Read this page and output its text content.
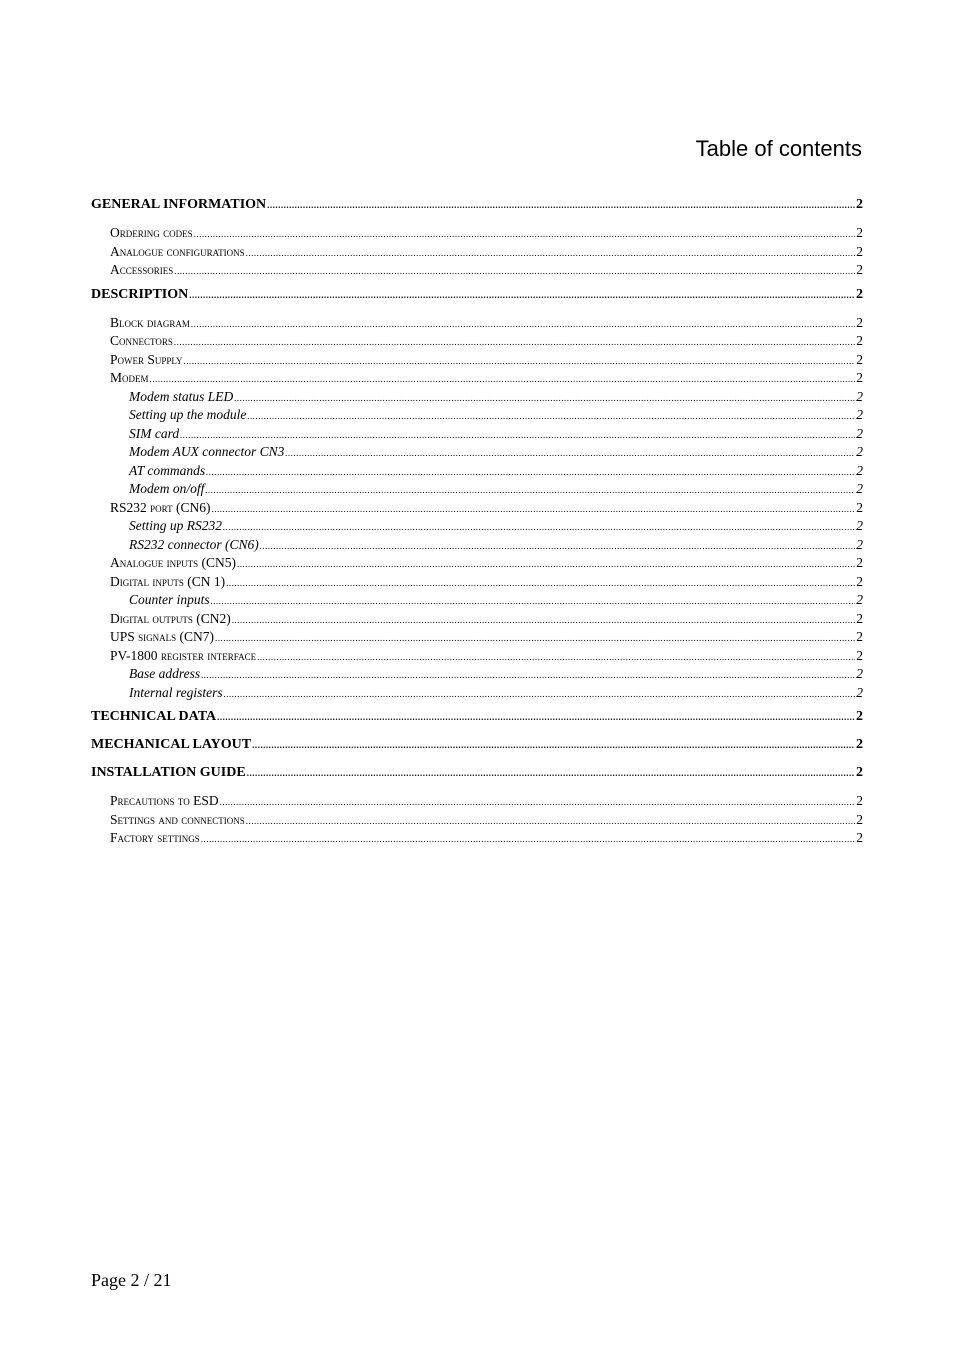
Table of contents
GENERAL INFORMATION .....	2
Ordering codes .....	2
Analogue configurations .....	2
Accessories .....	2
DESCRIPTION .....	2
Block diagram .....	2
Connectors .....	2
Power Supply .....	2
Modem .....	2
Modem status LED .....	2
Setting up the module .....	2
SIM card .....	2
Modem AUX connector CN3 .....	2
AT commands .....	2
Modem on/off .....	2
RS232 port (CN6) .....	2
Setting up RS232 .....	2
RS232 connector (CN6) .....	2
Analogue inputs (CN5) .....	2
Digital inputs (CN 1) .....	2
Counter inputs .....	2
Digital outputs (CN2) .....	2
UPS signals (CN7) .....	2
PV-1800 register interface .....	2
Base address .....	2
Internal registers .....	2
TECHNICAL DATA .....	2
MECHANICAL LAYOUT .....	2
INSTALLATION GUIDE .....	2
Precautions to ESD .....	2
Settings and connections .....	2
Factory settings .....	2
Page 2 / 21
